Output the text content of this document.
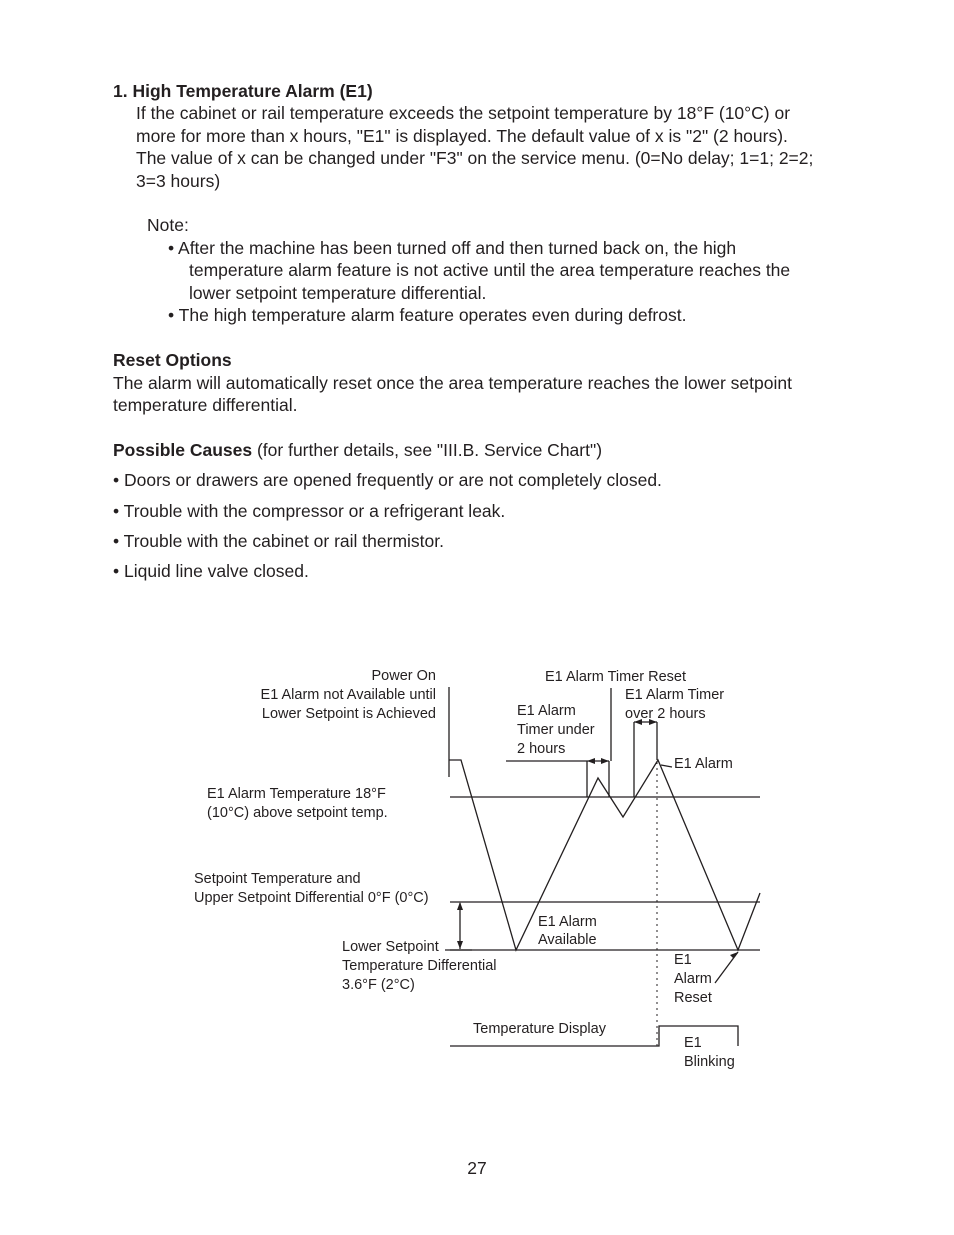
1. High Temperature Alarm (E1)
If the cabinet or rail temperature exceeds the setpoint temperature by 18°F (10°C) or
more for more than x hours, "E1" is displayed. The default value of x is "2" (2 hours).
The value of x can be changed under "F3" on the service menu. (0=No delay; 1=1; 2=2;
3=3 hours)
Note:
• After the machine has been turned off and then turned back on, the high
temperature alarm feature is not active until the area temperature reaches the
lower setpoint temperature differential.
• The high temperature alarm feature operates even during defrost.
Reset Options
The alarm will automatically reset once the area temperature reaches the lower setpoint
temperature differential.
Possible Causes (for further details, see "III.B. Service Chart")
• Doors or drawers are opened frequently or are not completely closed.
• Trouble with the compressor or a refrigerant leak.
• Trouble with the cabinet or rail thermistor.
• Liquid line valve closed.
Power On
E1 Alarm not Available until
Lower Setpoint is Achieved
E1 Alarm Timer Reset
E1 Alarm
Timer under
2 hours
E1 Alarm Timer
over 2 hours
E1 Alarm
E1 Alarm Temperature 18°F
(10°C) above setpoint temp.
Setpoint Temperature and
Upper Setpoint Differential 0°F (0°C)
Lower Setpoint
Temperature Differential
3.6°F (2°C)
E1 Alarm
Available
E1
Alarm
Reset
Temperature Display
E1
Blinking
27
